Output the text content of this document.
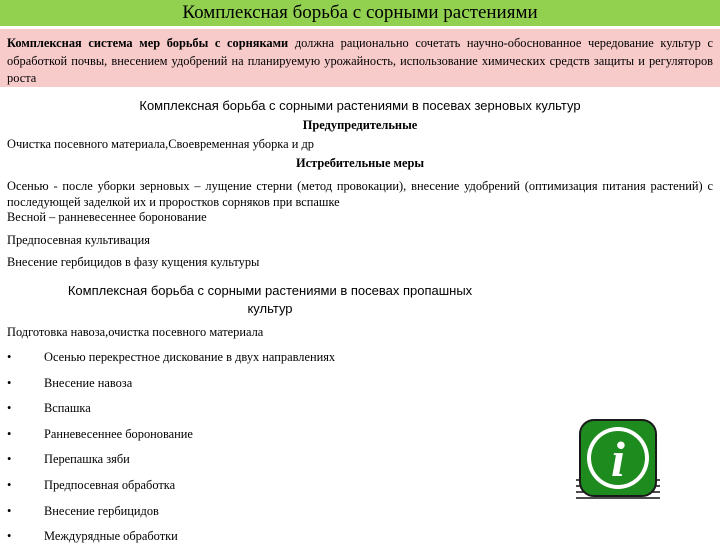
Комплексная борьба с сорными растениями

Комплексная система мер борьбы с сорняками должна рационально сочетать научно-обоснованное чередование культур с обработкой почвы, внесением удобрений на планируемую урожайность, использование химических средств защиты и регуляторов роста

Комплексная борьба с сорными растениями в посевах зерновых культур
Предупредительные

Очистка посевного материала,Своевременная уборка и др

Истребительные меры

Осенью - после уборки зерновых – лущение стерни (метод провокации), внесение удобрений (оптимизация питания растений) с последующей заделкой их и проростков сорняков при вспашке

Весной – ранневесеннее боронование

Предпосевная культивация

Внесение гербицидов в фазу кущения культуры

Комплексная борьба с сорными растениями в посевах пропашных
культур

Подготовка навоза,очистка посевного материала

•	Осенью перекрестное дискование в двух направлениях
•	Внесение навоза
•	Вспашка
•	Ранневесеннее боронование
•	Перепашка зяби
•	Предпосевная обработка
•	Внесение гербицидов
•	Междурядные обработки
i
